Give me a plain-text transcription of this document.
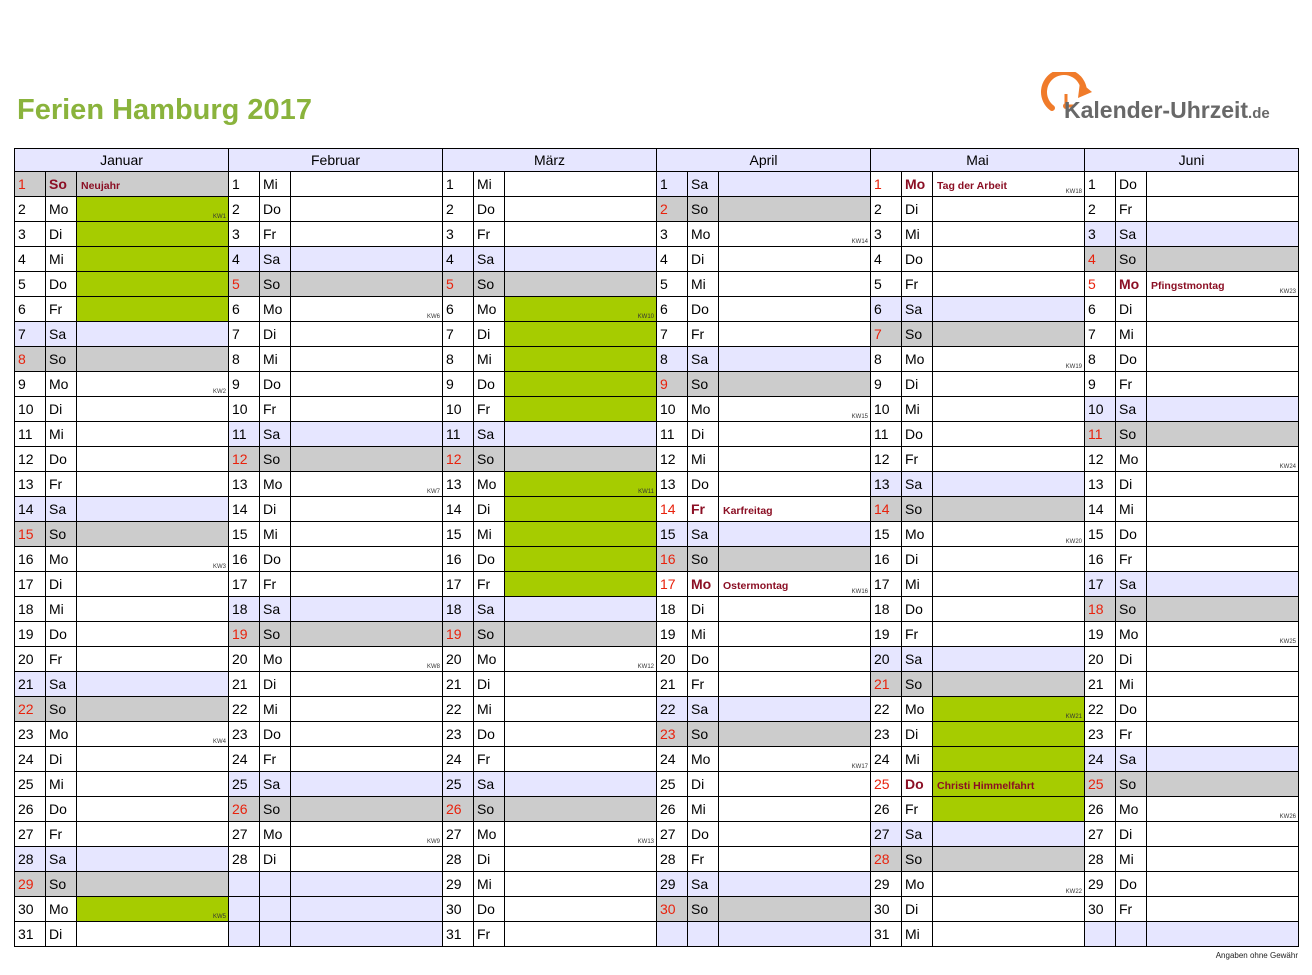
Ferien Hamburg 2017	Kalender-Uhrzeit.de
Januar
1	So	Neujahr
2	Mo	KW1
3	Di
4	Mi
5	Do
6	Fr
7	Sa
8	So
9	Mo	KW2
10	Di
11	Mi
12	Do
13	Fr
14	Sa
15	So
16	Mo	KW3
17	Di
18	Mi
19	Do
20	Fr
21	Sa
22	So
23	Mo	KW4
24	Di
25	Mi
26	Do
27	Fr
28	Sa
29	So
30	Mo	KW5
31	Di
Februar
1	Mi
2	Do
3	Fr
4	Sa
5	So
6	Mo	KW6
7	Di
8	Mi
9	Do
10	Fr
11	Sa
12	So
13	Mo	KW7
14	Di
15	Mi
16	Do
17	Fr
18	Sa
19	So
20	Mo	KW8
21	Di
22	Mi
23	Do
24	Fr
25	Sa
26	So
27	Mo	KW9
28	Di
März
1	Mi
2	Do
3	Fr
4	Sa
5	So
6	Mo	KW10
7	Di
8	Mi
9	Do
10	Fr
11	Sa
12	So
13	Mo	KW11
14	Di
15	Mi
16	Do
17	Fr
18	Sa
19	So
20	Mo	KW12
21	Di
22	Mi
23	Do
24	Fr
25	Sa
26	So
27	Mo	KW13
28	Di
29	Mi
30	Do
31	Fr
April
1	Sa
2	So
3	Mo	KW14
4	Di
5	Mi
6	Do
7	Fr
8	Sa
9	So
10	Mo	KW15
11	Di
12	Mi
13	Do
14	Fr	Karfreitag
15	Sa
16	So
17	Mo	Ostermontag	KW16
18	Di
19	Mi
20	Do
21	Fr
22	Sa
23	So
24	Mo	KW17
25	Di
26	Mi
27	Do
28	Fr
29	Sa
30	So
Mai
1	Mo	Tag der Arbeit	KW18
2	Di
3	Mi
4	Do
5	Fr
6	Sa
7	So
8	Mo	KW19
9	Di
10	Mi
11	Do
12	Fr
13	Sa
14	So
15	Mo	KW20
16	Di
17	Mi
18	Do
19	Fr
20	Sa
21	So
22	Mo	KW21
23	Di
24	Mi
25	Do	Christi Himmelfahrt
26	Fr
27	Sa
28	So
29	Mo	KW22
30	Di
31	Mi
Juni
1	Do
2	Fr
3	Sa
4	So
5	Mo	Pfingstmontag	KW23
6	Di
7	Mi
8	Do
9	Fr
10	Sa
11	So
12	Mo	KW24
13	Di
14	Mi
15	Do
16	Fr
17	Sa
18	So
19	Mo	KW25
20	Di
21	Mi
22	Do
23	Fr
24	Sa
25	So
26	Mo	KW26
27	Di
28	Mi
29	Do
30	Fr
Angaben ohne Gewähr
